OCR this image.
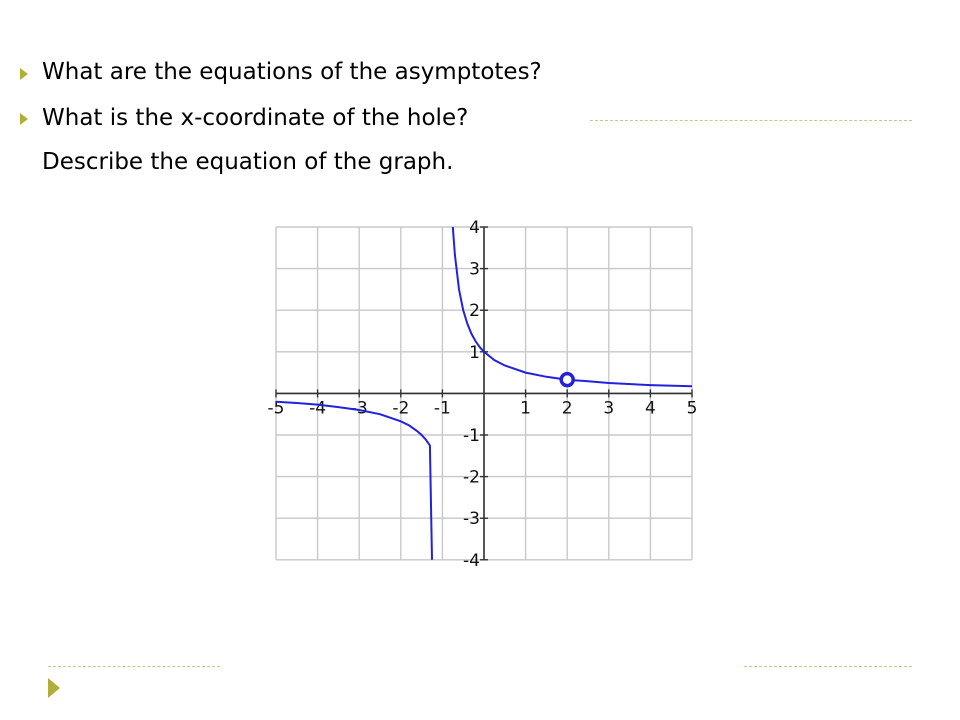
What are the equations of the asymptotes?
What is the x-coordinate of the hole?
Describe the equation of the graph.
-5 -4 -3 -2 -1	1 2 3 4 5
4
3
2
1
-1
-2
-3
-4
